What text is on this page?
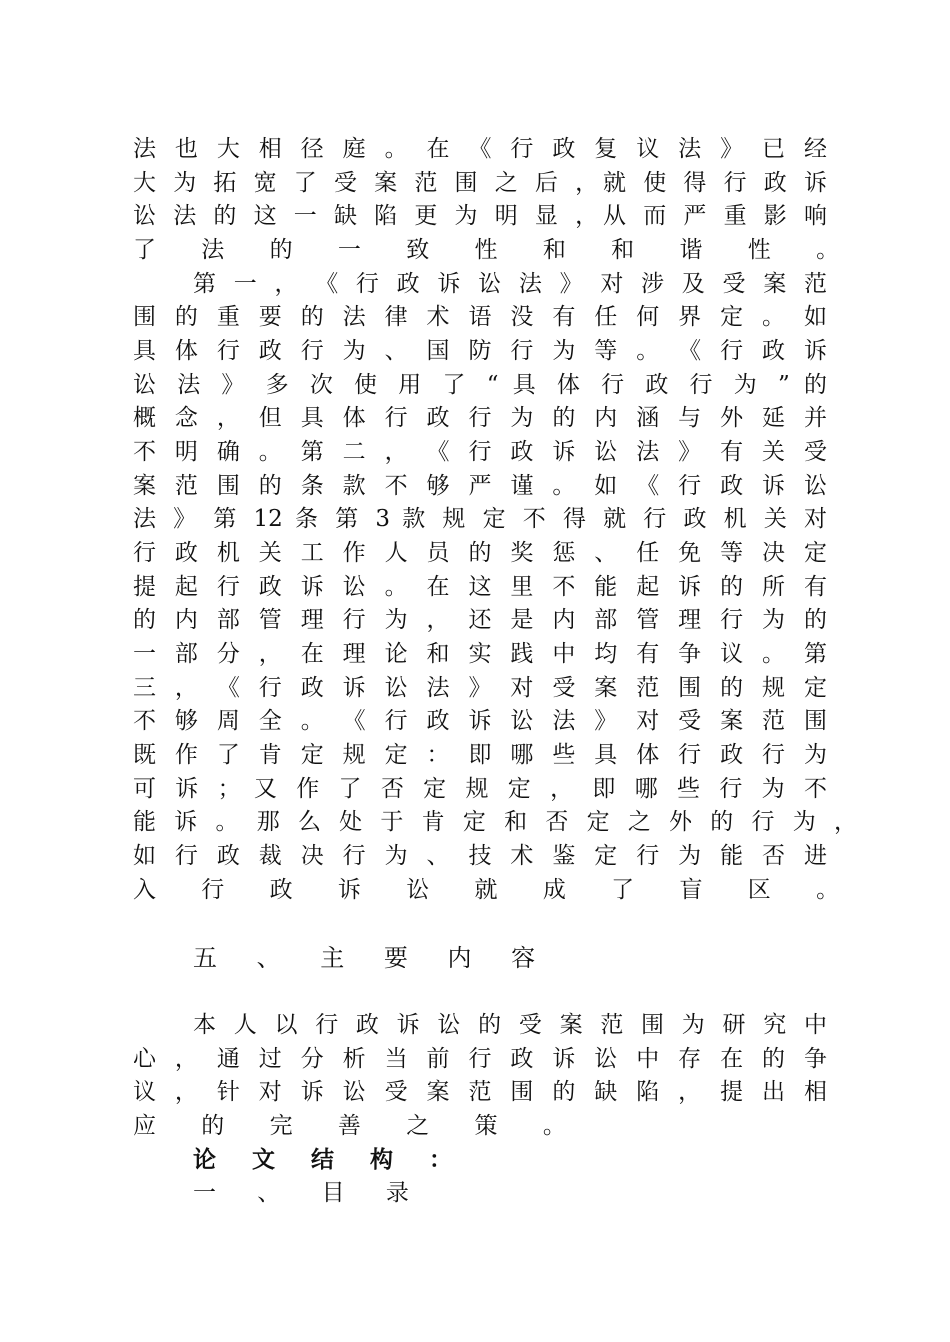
法 也 大 相 径 庭 。 在 《 行 政 复 议 法 》 已 经
大 为 拓 宽 了 受 案 范 围 之 后 ，就 使 得 行 政 诉
讼 法 的 这 一 缺 陷 更 为 明 显 ，从 而 严 重 影 响
了 法 的 一 致 性 和 和 谐 性 。
第 一 ， 《 行 政 诉 讼 法 》 对 涉 及 受 案 范
围 的 重 要 的 法 律 术 语 没 有 任 何 界 定 。 如
具 体 行 政 行 为 、 国 防 行 为 等 。 《 行 政 诉
讼 法 》 多 次 使 用 了 “ 具 体 行 政 行 为 ” 的
概 念 ， 但 具 体 行 政 行 为 的 内 涵 与 外 延 并
不 明 确 。 第 二 ， 《 行 政 诉 讼 法 》 有 关 受
案 范 围 的 条 款 不 够 严 谨 。 如 《 行 政 诉 讼
法 》 第 12 条 第 3 款 规 定 不 得 就 行 政 机 关 对
行 政 机 关 工 作 人 员 的 奖 惩 、 任 免 等 决 定
提 起 行 政 诉 讼 。 在 这 里 不 能 起 诉 的 所 有
的 内 部 管 理 行 为 ， 还 是 内 部 管 理 行 为 的
一 部 分 ， 在 理 论 和 实 践 中 均 有 争 议 。 第
三 ， 《 行 政 诉 讼 法 》 对 受 案 范 围 的 规 定
不 够 周 全 。 《 行 政 诉 讼 法 》 对 受 案 范 围
既 作 了 肯 定 规 定 ： 即 哪 些 具 体 行 政 行 为
可 诉 ； 又 作 了 否 定 规 定 ， 即 哪 些 行 为 不
能 诉 。 那 么 处 于 肯 定 和 否 定 之 外 的 行 为 ，
如 行 政 裁 决 行 为 、 技 术 鉴 定 行 为 能 否 进
入 行 政 诉 讼 就 成 了 盲 区 。
五 、 主 要 内 容
本 人 以 行 政 诉 讼 的 受 案 范 围 为 研 究 中
心 ， 通 过 分 析 当 前 行 政 诉 讼 中 存 在 的 争
议 ， 针 对 诉 讼 受 案 范 围 的 缺 陷 ， 提 出 相
应 的 完 善 之 策 。
论 文 结 构 ：
一 、 目 录
